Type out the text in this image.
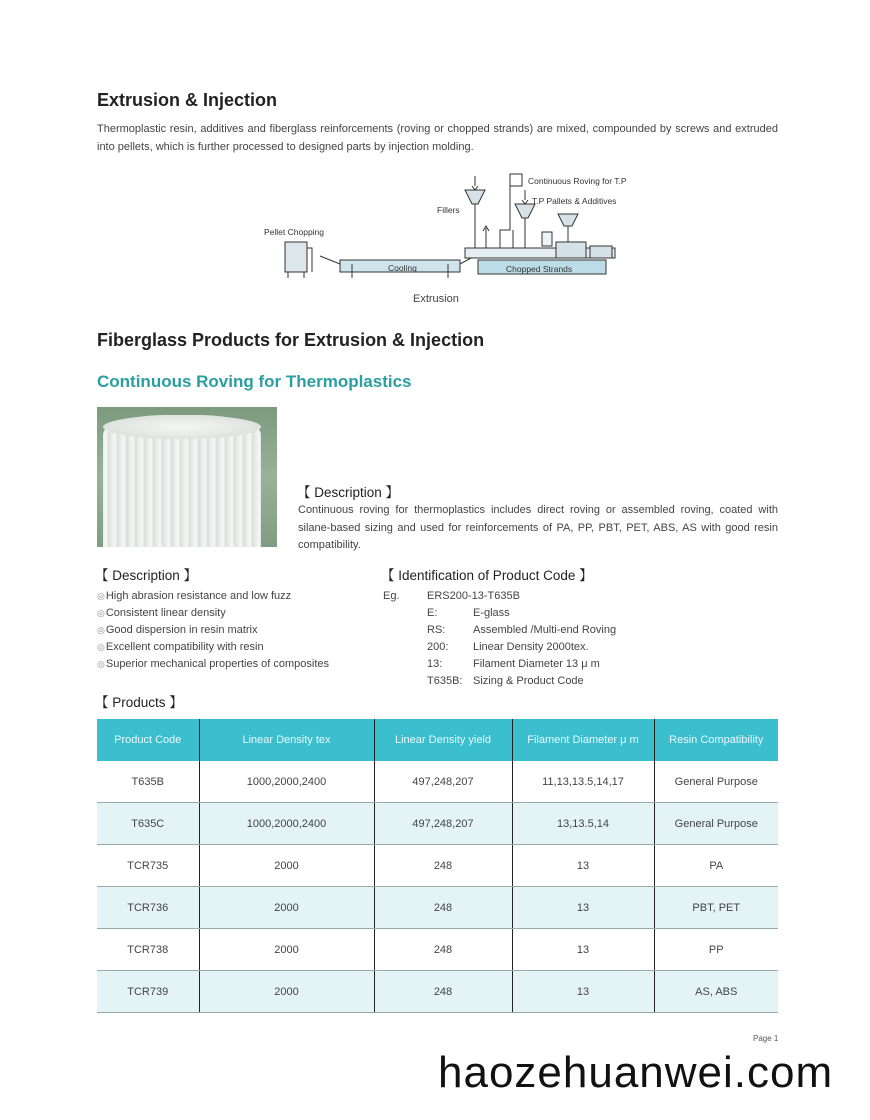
Extrusion & Injection
Thermoplastic resin, additives and fiberglass reinforcements (roving or chopped strands) are mixed, compounded by screws and extruded into pellets, which is further processed to designed parts by injection molding.
Continuous Roving for T.P
T.P Pallets & Additives
Fillers
Pellet Chopping
Cooling	Chopped Strands
Extrusion
Fiberglass Products for Extrusion & Injection
Continuous Roving for Thermoplastics
【 Description 】
Continuous roving for thermoplastics includes direct roving or assembled roving, coated with silane-based sizing and used for reinforcements of PA, PP, PBT, PET, ABS, AS with good resin compatibility.
【 Description 】
◎ High abrasion resistance and low fuzz
◎ Consistent linear density
◎ Good dispersion in resin matrix
◎ Excellent compatibility with resin
◎ Superior mechanical properties of composites
【 Identification of Product Code 】
Eg.	ERS200-13-T635B
E:	E-glass
RS:	Assembled /Multi-end Roving
200:	Linear Density 2000tex.
13:	Filament Diameter 13 μ m
T635B: Sizing & Product Code
【 Products 】
Product Code	Linear Density tex	Linear Density yield	Filament Diameter μ m	Resin Compatibility
T635B	1000,2000,2400	497,248,207	11,13,13.5,14,17	General Purpose
T635C	1000,2000,2400	497,248,207	13,13.5,14	General Purpose
TCR735	2000	248	13	PA
TCR736	2000	248	13	PBT, PET
TCR738	2000	248	13	PP
TCR739	2000	248	13	AS, ABS
Page 1
haozehuanwei.com
